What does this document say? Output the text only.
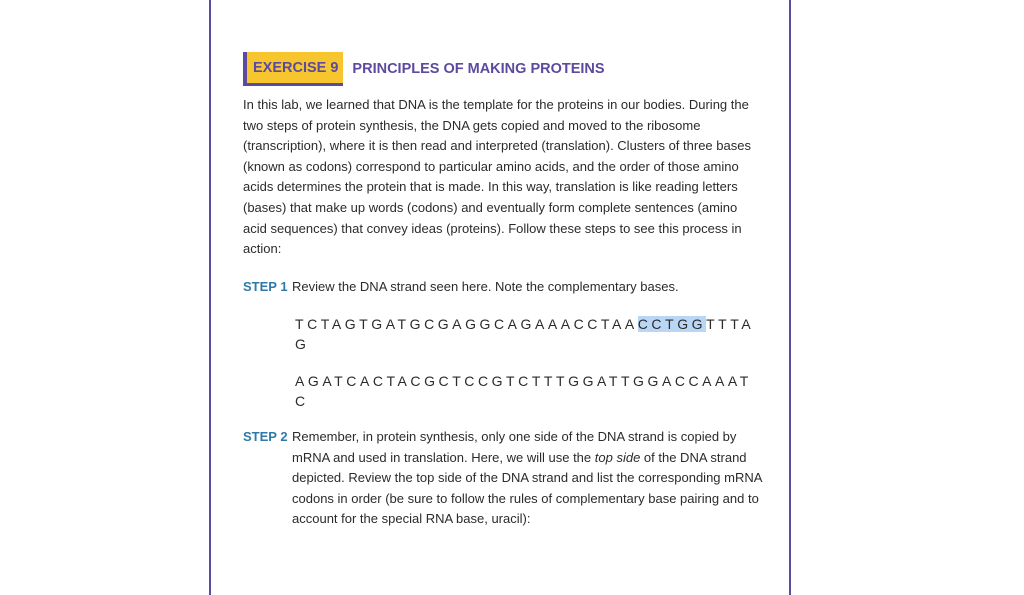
EXERCISE 9 PRINCIPLES OF MAKING PROTEINS
In this lab, we learned that DNA is the template for the proteins in our bodies. During the two steps of protein synthesis, the DNA gets copied and moved to the ribosome (transcription), where it is then read and interpreted (translation). Clusters of three bases (known as codons) correspond to particular amino acids, and the order of those amino acids determines the protein that is made. In this way, translation is like reading letters (bases) that make up words (codons) and eventually form complete sentences (amino acid sequences) that convey ideas (proteins). Follow these steps to see this process in action:
STEP 1 Review the DNA strand seen here. Note the complementary bases.
TCTAGTGATGCGAGGCAGAAACCTAACCTGGTTTAG
AGATCACTACGCTCCGTCTTTGGATTGGACCAAATC
STEP 2 Remember, in protein synthesis, only one side of the DNA strand is copied by mRNA and used in translation. Here, we will use the top side of the DNA strand depicted. Review the top side of the DNA strand and list the corresponding mRNA codons in order (be sure to follow the rules of complementary base pairing and to account for the special RNA base, uracil):
